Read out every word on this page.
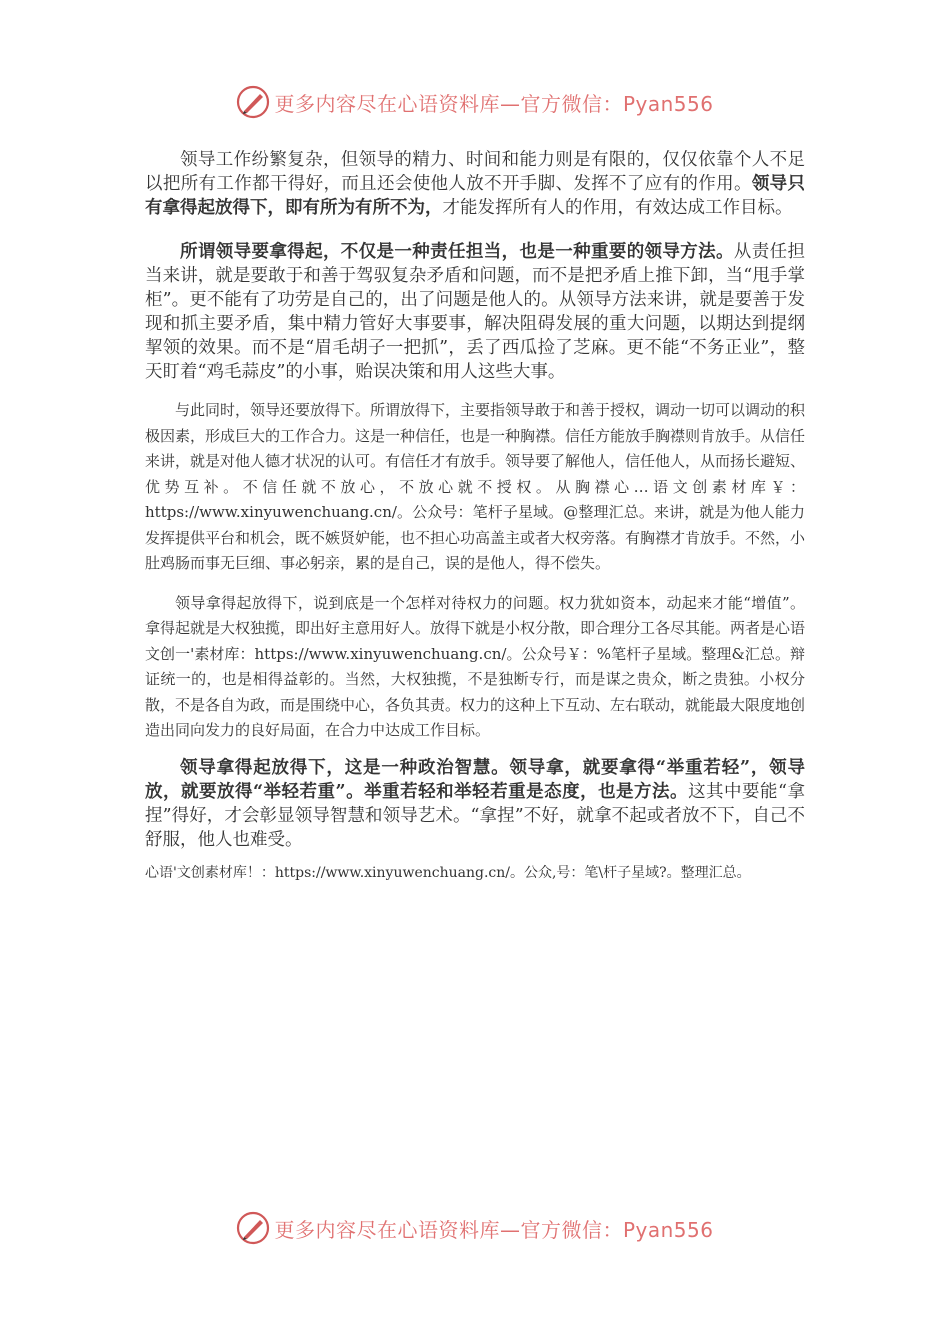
更多内容尽在心语资料库—官方微信：Pyan556

领导工作纷繁复杂，但领导的精力、时间和能力则是有限的，仅仅依靠个人不足以把所有工作都干得好，而且还会使他人放不开手脚、发挥不了应有的作用。领导只有拿得起放得下，即有所为有所不为，才能发挥所有人的作用，有效达成工作目标。

所谓领导要拿得起，不仅是一种责任担当，也是一种重要的领导方法。从责任担当来讲，就是要敢于和善于驾驭复杂矛盾和问题，而不是把矛盾上推下卸，当“甩手掌柜”。更不能有了功劳是自己的，出了问题是他人的。从领导方法来讲，就是要善于发现和抓主要矛盾，集中精力管好大事要事，解决阻碍发展的重大问题，以期达到提纲挈领的效果。而不是“眉毛胡子一把抓”，丢了西瓜捡了芝麻。更不能“不务正业”，整天盯着“鸡毛蒜皮”的小事，贻误决策和用人这些大事。

与此同时，领导还要放得下。所谓放得下，主要指领导敢于和善于授权，调动一切可以调动的积极因素，形成巨大的工作合力。这是一种信任，也是一种胸襟。信任方能放手胸襟则肯放手。从信任来讲，就是对他人德才状况的认可。有信任才有放手。领导要了解他人，信任他人，从而扬长避短、优势互补。不信任就不放心，不放心就不授权。从胸襟心…语文创素材库￥：https://www.xinyuwenchuang.cn/。公众号：笔杆子星域。@整理汇总。来讲，就是为他人能力发挥提供平台和机会，既不嫉贤妒能，也不担心功高盖主或者大权旁落。有胸襟才肯放手。不然，小肚鸡肠而事无巨细、事必躬亲，累的是自己，误的是他人，得不偿失。

领导拿得起放得下，说到底是一个怎样对待权力的问题。权力犹如资本，动起来才能“增值”。拿得起就是大权独揽，即出好主意用好人。放得下就是小权分散，即合理分工各尽其能。两者是心语文创一'素材库：https://www.xinyuwenchuang.cn/。公众号￥：%笔杆子星域。整理&汇总。辩证统一的，也是相得益彰的。当然，大权独揽，不是独断专行，而是谋之贵众，断之贵独。小权分散，不是各自为政，而是围绕中心，各负其责。权力的这种上下互动、左右联动，就能最大限度地创造出同向发力的良好局面，在合力中达成工作目标。

领导拿得起放得下，这是一种政治智慧。领导拿，就要拿得“举重若轻”，领导放，就要放得“举轻若重”。举重若轻和举轻若重是态度，也是方法。这其中要能“拿捏”得好，才会彰显领导智慧和领导艺术。“拿捏”不好，就拿不起或者放不下，自己不舒服，他人也难受。

心语'文创素材库！：https://www.xinyuwenchuang.cn/。公众,号：笔\杆子星域?。整理汇总。

更多内容尽在心语资料库—官方微信：Pyan556
